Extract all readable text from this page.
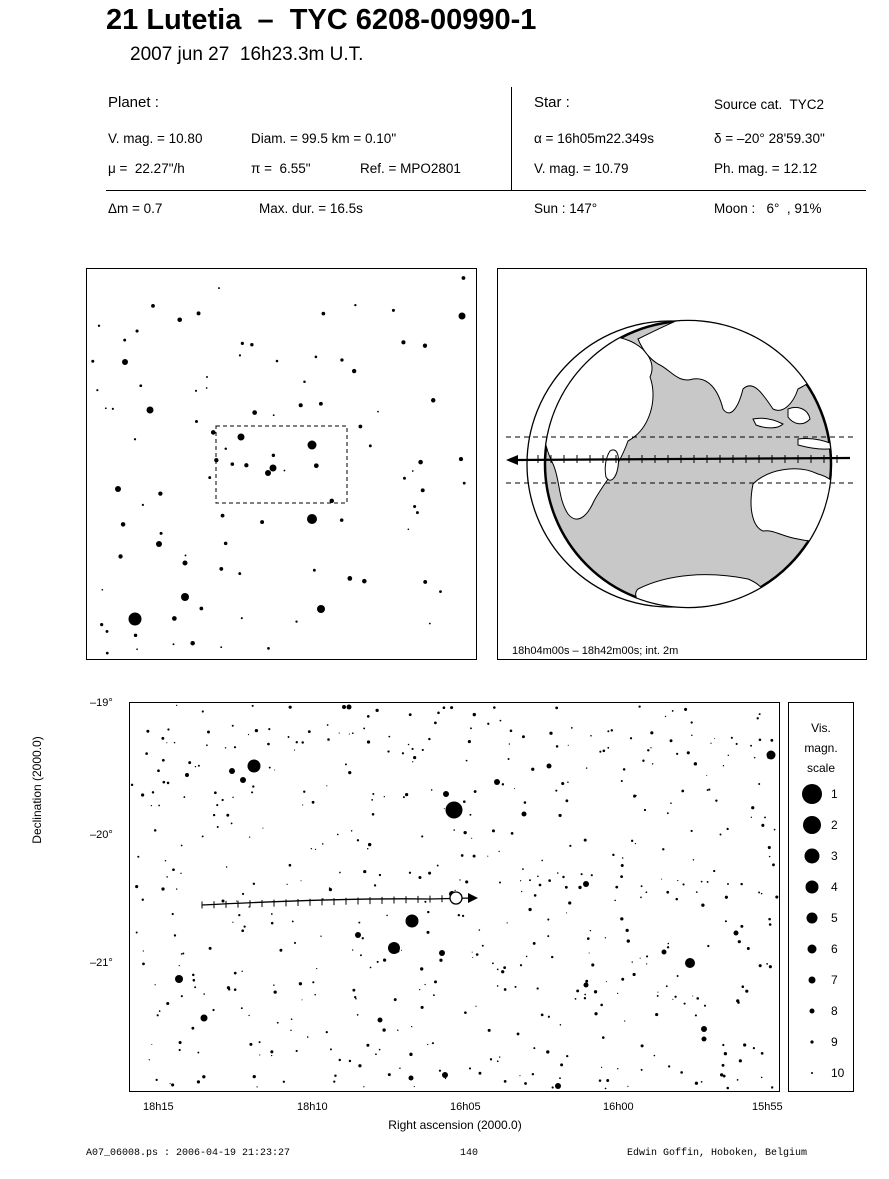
21 Lutetia  –  TYC 6208-00990-1
2007 jun 27  16h23.3m U.T.
Planet :
V. mag. = 10.80	Diam. = 99.5 km = 0.10"
μ =  22.27"/h	π =  6.55"	Ref. = MPO2801
Star :	Source cat.  TYC2
α = 16h05m22.349s	δ = –20° 28'59.30"
V. mag. = 10.79	Ph. mag. = 12.12
Δm = 0.7	Max. dur. = 16.5s	Sun : 147°	Moon :   6°  , 91%
18h04m00s – 18h42m00s; int. 2m
–19°
–20°
–21°
Declination (2000.0)
18h15	18h10	16h05	16h00	15h55
Right ascension (2000.0)
Vis.
magn.
scale
1
2
3
4
5
6
7
8
9
10
A07_06008.ps : 2006-04-19 21:23:27	140	Edwin Goffin, Hoboken, Belgium
